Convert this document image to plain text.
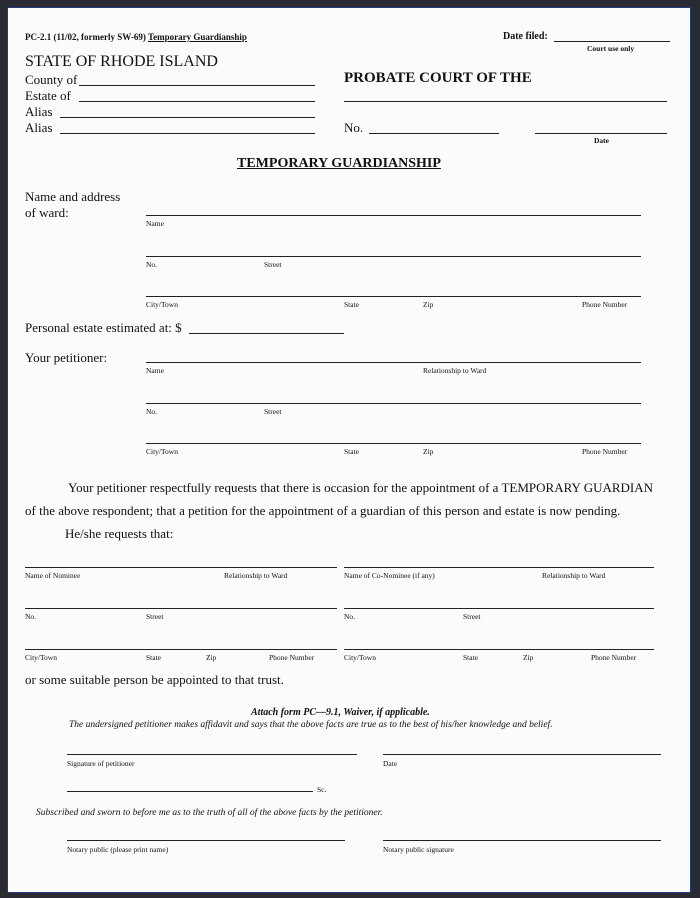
PC-2.1 (11/02, formerly SW-69) Temporary Guardianship	Date filed:
Court use only
STATE OF RHODE ISLAND
County of
Estate of
Alias
Alias
PROBATE COURT OF THE
No.
Date
TEMPORARY GUARDIANSHIP
Name and address
of ward:
Name
No.	Street
City/Town	State	Zip	Phone Number
Personal estate estimated at: $
Your petitioner:
Name	Relationship to Ward
No.	Street
City/Town	State	Zip	Phone Number
Your petitioner respectfully requests that there is occasion for the appointment of a TEMPORARY GUARDIAN
of the above respondent; that a petition for the appointment of a guardian of this person and estate is now pending.
He/she requests that:
Name of Nominee	Relationship to Ward
No.	Street
City/Town	State	Zip	Phone Number
Name of Co-Nominee (if any)	Relationship to Ward
No.	Street
City/Town	State	Zip	Phone Number
or some suitable person be appointed to that trust.
Attach form PC—9.1, Waiver, if applicable.
The undersigned petitioner makes affidavit and says that the above facts are true as to the best of his/her knowledge and belief.
Signature of petitioner	Date
Sc.
Subscribed and sworn to before me as to the truth of all of the above facts by the petitioner.
Notary public (please print name)	Notary public signature
